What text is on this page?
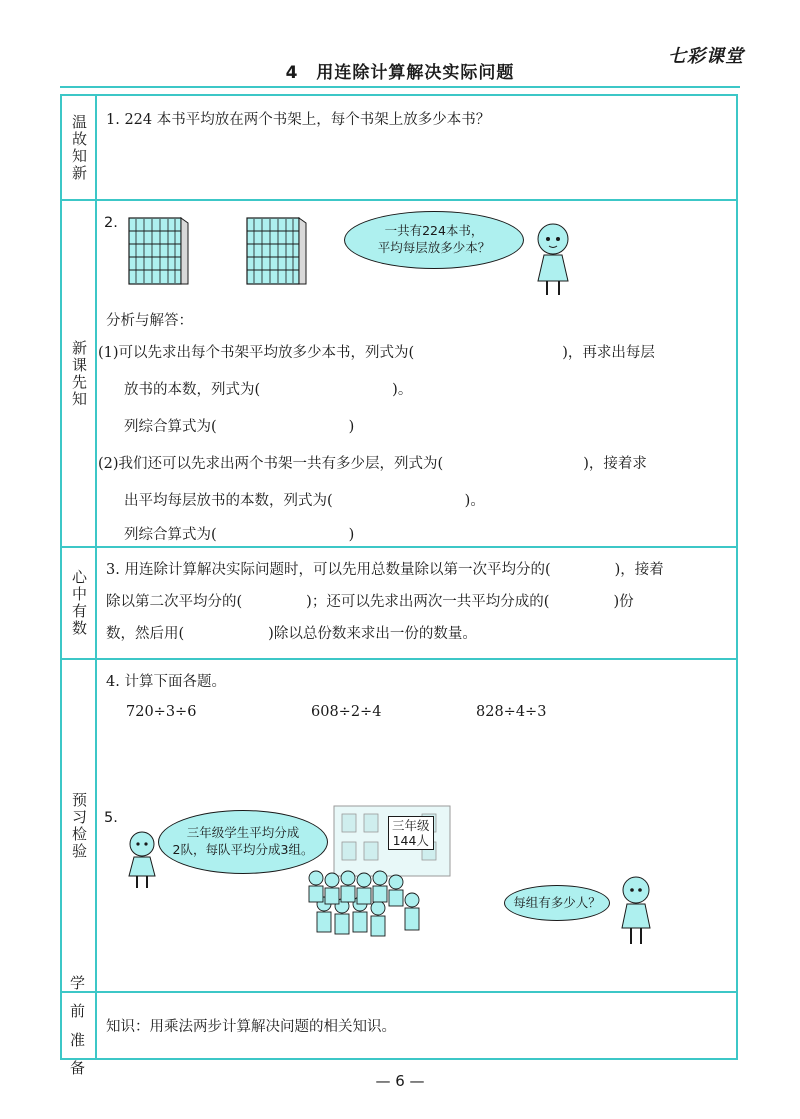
七彩课堂
4　用连除计算解决实际问题
温故知新 1. 224 本书平均放在两个书架上，每个书架上放多少本书？
新课先知
2.	一共有224本书，
平均每层放多少本？
分析与解答：
(1)可以先求出每个书架平均放多少本书，列式为(	)，再求出每层
放书的本数，列式为(	)。
列综合算式为(	)
(2)我们还可以先求出两个书架一共有多少层，列式为(	)，接着求
出平均每层放书的本数，列式为(	)。
列综合算式为(	)
心中有数 3. 用连除计算解决实际问题时，可以先用总数量除以第一次平均分的(	)，接着
除以第二次平均分的(	)；还可以先求出两次一共平均分成的(	)份
数，然后用(	)除以总份数来求出一份的数量。
预习检验
4. 计算下面各题。
720÷3÷6	608÷2÷4	828÷4÷3
5.
三年级学生平均分成
2队，每队平均分成3组。
三年级
144人
每组有多少人？
学前准备
知识：用乘法两步计算解决问题的相关知识。
— 6 —
